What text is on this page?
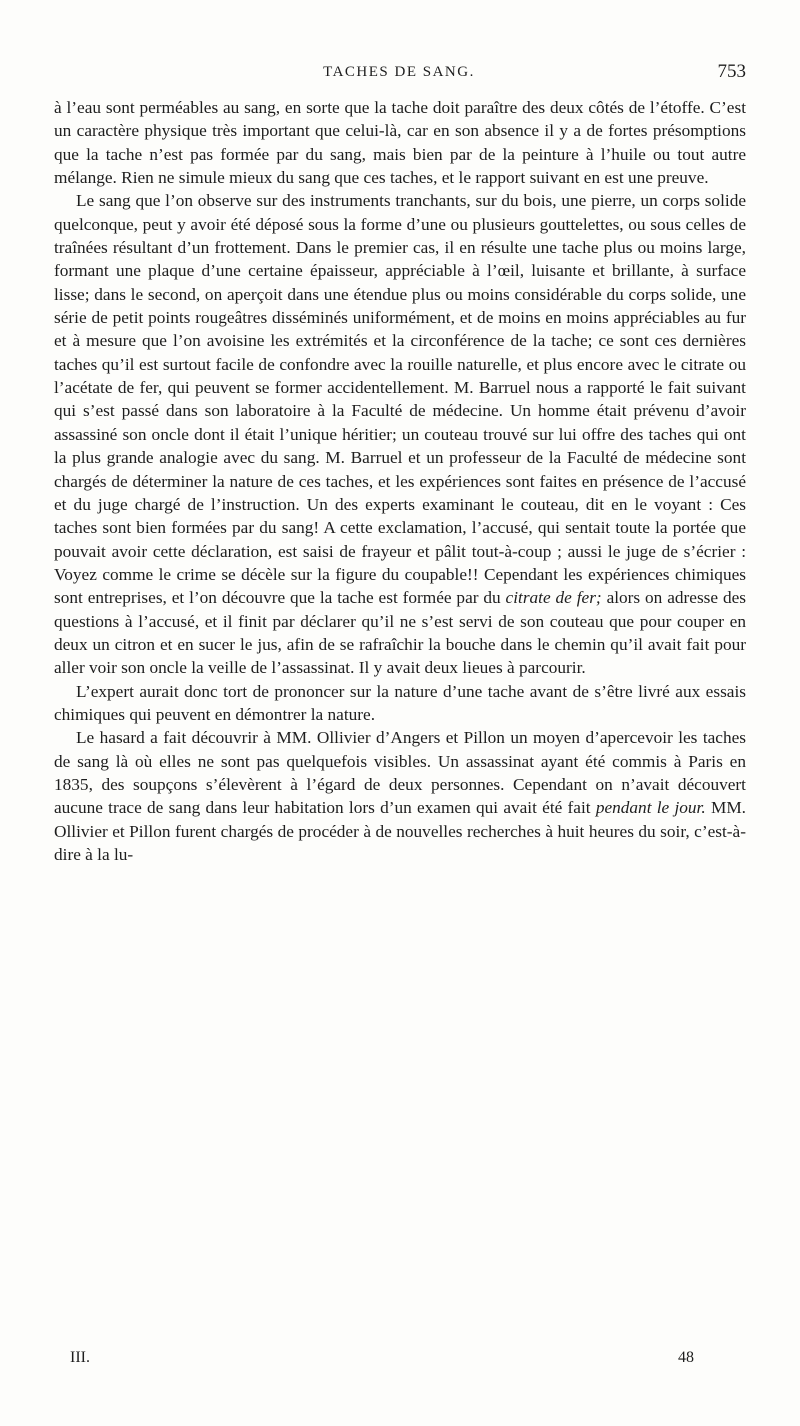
TACHES DE SANG.	753

à l’eau sont perméables au sang, en sorte que la tache doit paraître des deux côtés de l’étoffe. C’est un caractère physique très important que celui-là, car en son absence il y a de fortes présomptions que la tache n’est pas formée par du sang, mais bien par de la peinture à l’huile ou tout autre mélange. Rien ne simule mieux du sang que ces taches, et le rapport suivant en est une preuve.

Le sang que l’on observe sur des instruments tranchants, sur du bois, une pierre, un corps solide quelconque, peut y avoir été déposé sous la forme d’une ou plusieurs gouttelettes, ou sous celles de traînées résultant d’un frottement. Dans le premier cas, il en résulte une tache plus ou moins large, formant une plaque d’une certaine épaisseur, appréciable à l’œil, luisante et brillante, à surface lisse; dans le second, on aperçoit dans une étendue plus ou moins considérable du corps solide, une série de petit points rougeâtres disséminés uniformément, et de moins en moins appréciables au fur et à mesure que l’on avoisine les extrémités et la circonférence de la tache; ce sont ces dernières taches qu’il est surtout facile de confondre avec la rouille naturelle, et plus encore avec le citrate ou l’acétate de fer, qui peuvent se former accidentellement. M. Barruel nous a rapporté le fait suivant qui s’est passé dans son laboratoire à la Faculté de médecine. Un homme était prévenu d’avoir assassiné son oncle dont il était l’unique héritier; un couteau trouvé sur lui offre des taches qui ont la plus grande analogie avec du sang. M. Barruel et un professeur de la Faculté de médecine sont chargés de déterminer la nature de ces taches, et les expériences sont faites en présence de l’accusé et du juge chargé de l’instruction. Un des experts examinant le couteau, dit en le voyant : Ces taches sont bien formées par du sang! A cette exclamation, l’accusé, qui sentait toute la portée que pouvait avoir cette déclaration, est saisi de frayeur et pâlit tout-à-coup ; aussi le juge de s’écrier : Voyez comme le crime se décèle sur la figure du coupable!! Cependant les expériences chimiques sont entreprises, et l’on découvre que la tache est formée par du citrate de fer; alors on adresse des questions à l’accusé, et il finit par déclarer qu’il ne s’est servi de son couteau que pour couper en deux un citron et en sucer le jus, afin de se rafraîchir la bouche dans le chemin qu’il avait fait pour aller voir son oncle la veille de l’assassinat. Il y avait deux lieues à parcourir.

L’expert aurait donc tort de prononcer sur la nature d’une tache avant de s’être livré aux essais chimiques qui peuvent en démontrer la nature.

Le hasard a fait découvrir à MM. Ollivier d’Angers et Pillon un moyen d’apercevoir les taches de sang là où elles ne sont pas quelquefois visibles. Un assassinat ayant été commis à Paris en 1835, des soupçons s’élevèrent à l’égard de deux personnes. Cependant on n’avait découvert aucune trace de sang dans leur habitation lors d’un examen qui avait été fait pendant le jour. MM. Ollivier et Pillon furent chargés de procéder à de nouvelles recherches à huit heures du soir, c’est-à-dire à la lu-

III.	48
